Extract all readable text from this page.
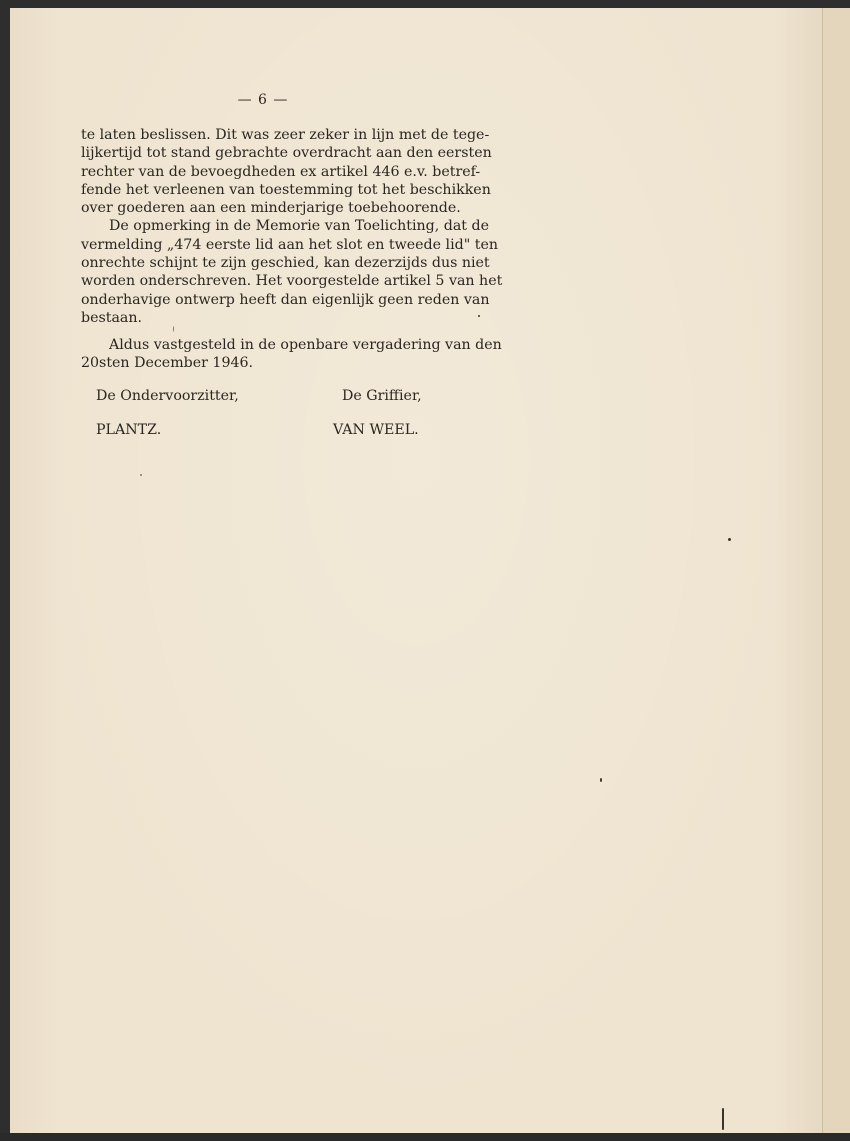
— 6 —
te laten beslissen. Dit was zeer zeker in lijn met de tege-
lijkertijd tot stand gebrachte overdracht aan den eersten
rechter van de bevoegdheden ex artikel 446 e.v. betref-
fende het verleenen van toestemming tot het beschikken
over goederen aan een minderjarige toebehoorende.
De opmerking in de Memorie van Toelichting, dat de
vermelding „474 eerste lid aan het slot en tweede lid" ten
onrechte schijnt te zijn geschied, kan dezerzijds dus niet
worden onderschreven. Het voorgestelde artikel 5 van het
onderhavige ontwerp heeft dan eigenlijk geen reden van
bestaan.
Aldus vastgesteld in de openbare vergadering van den
20sten December 1946.
De Ondervoorzitter,	De Griffier,
PLANTZ.	VAN WEEL.
